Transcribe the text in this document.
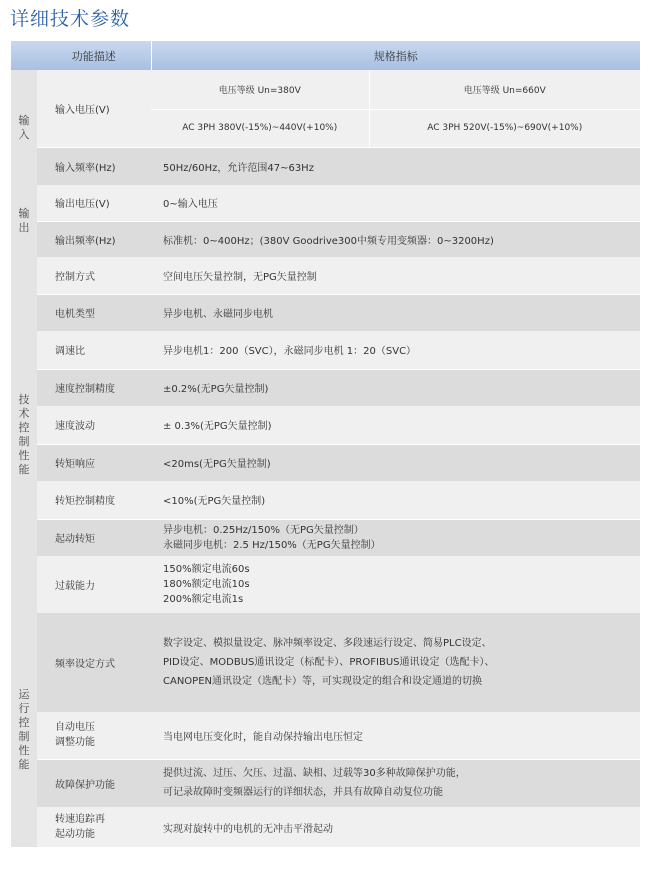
详细技术参数
	功能描述	规格指标	
输入	输入电压(V)	电压等级 Un=380V	电压等级 Un=660V
		AC 3PH 380V(-15%)~440V(+10%)	AC 3PH 520V(-15%)~690V(+10%)
	输入频率(Hz)	50Hz/60Hz，允许范围47~63Hz	
输出	输出电压(V)	0~输入电压	
	输出频率(Hz)	标准机：0~400Hz；(380V Goodrive300中频专用变频器：0~3200Hz)	
技术控制性能	控制方式	空间电压矢量控制，无PG矢量控制	
	电机类型	异步电机、永磁同步电机	
	调速比	异步电机1：200（SVC），永磁同步电机 1：20（SVC）	
	速度控制精度	±0.2%(无PG矢量控制)	
	速度波动	± 0.3%(无PG矢量控制)	
	转矩响应	<20ms(无PG矢量控制)	
	转矩控制精度	<10%(无PG矢量控制)	
	起动转矩	异步电机：0.25Hz/150%（无PG矢量控制）
永磁同步电机：2.5 Hz/150%（无PG矢量控制）	

	过载能力	150%额定电流60s
180%额定电流10s
200%额定电流1s	

运行控制性能	频率设定方式	数字设定、模拟量设定、脉冲频率设定、多段速运行设定、简易PLC设定、
PID设定、MODBUS通讯设定（标配卡）、PROFIBUS通讯设定（选配卡）、
CANOPEN通讯设定（选配卡）等，可实现设定的组合和设定通道的切换	

	自动电压
调整功能	当电网电压变化时，能自动保持输出电压恒定	
	故障保护功能	提供过流、过压、欠压、过温、缺相、过载等30多种故障保护功能，
可记录故障时变频器运行的详细状态，并具有故障自动复位功能	

	转速追踪再
起动功能	实现对旋转中的电机的无冲击平滑起动	
